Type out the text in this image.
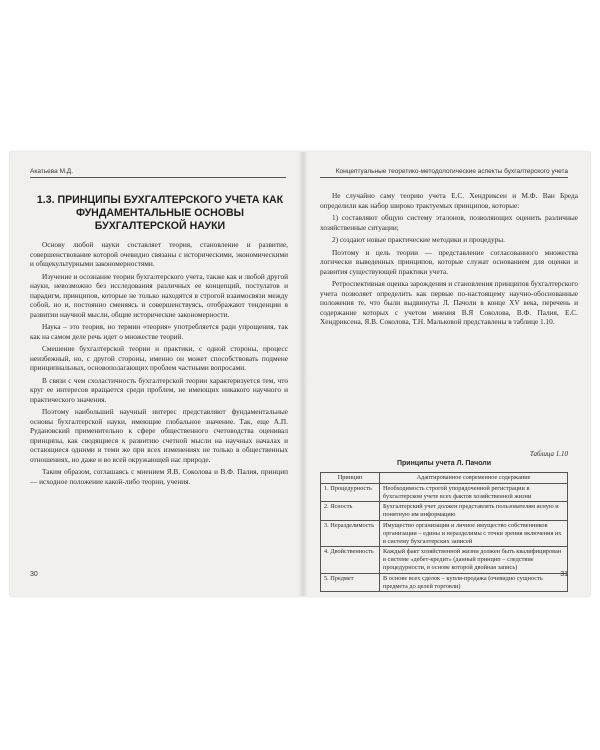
Акатьева М.Д.
1.3. ПРИНЦИПЫ БУХГАЛТЕРСКОГО УЧЕТА КАК ФУНДАМЕНТАЛЬНЫЕ ОСНОВЫ БУХГАЛТЕРСКОЙ НАУКИ

Основу любой науки составляет теория, становление и развитие, совершенствование которой очевидно связаны с историческими, экономическими и общекультурными закономерностями.

Изучение и осознание теории бухгалтерского учета, также как и любой другой науки, невозможно без исследования различных ее концепций, постулатов и парадигм, принципов, которые не только находятся в строгой взаимосвязи между собой, но и, постоянно сменяясь и совершенствуясь, отображают тенденции в развитии научной мысли, общие исторические закономерности.

Наука – это теория, но термин «теория» употребляется ради упрощения, так как на самом деле речь идет о множестве теорий.

Смешение бухгалтерской теории и практики, с одной стороны, процесс неизбежный, но, с другой стороны, именно он может способствовать подмене принципиальных, основополагающих проблем частными вопросами.

В связи с чем схоластичность бухгалтерской теории характеризуется тем, что круг ее интересов вращается среди проблем, не имеющих никакого научного и практического значения.

Поэтому наибольший научный интерес представляют фундаментальные основы бухгалтерской науки, имеющие глобальное значение. Так, еще А.П. Рудановский применительно к сфере общественного счетоводства оценивал принципы, как сводящиеся к развитию счетной мысли на научных началах и остающиеся одними и теми же при всех изменениях не только в общественных отношениях, но даже и во всей окружающей нас природе.

Таким образом, соглашаясь с мнением Я.В. Соколова и В.Ф. Палия, принцип — исходное положение какой-либо теории, учения.

30
Концептуальные теоретико-методологические аспекты бухгалтерского учета

Не случайно саму теорию учета Е.С. Хендриксен и М.Ф. Ван Бреда определили как набор широко трактуемых принципов, которые:

1) составляют общую систему эталонов, позволяющих оценить различные хозяйственные ситуации;

2) создают новые практические методики и процедуры.

Поэтому и цель теории — представление согласованного множества логически выведенных принципов, которые служат основанием для оценки и развития существующей практики учета.

Ретроспективная оценка зарождения и становления принципов бухгалтерского учета позволяет определить как первые по-настоящему научно-обоснованные положения те, что были выдвинуты Л. Пачоли в конце XV века, перечень и содержание которых с учетом мнения В.Я Соколова, В.Ф. Палия, Е.С. Хендриксена, Я.В. Соколова, Т.Н. Мальковой представлены в таблице 1.10.

Таблица 1.10
Принципы учета Л. Пачоли
Принцип	Адаптированное современное содержание
1. Процедурность	Необходимость строгой упорядоченной регистрации в бухгалтерском учете всех фактов хозяйственной жизни
2. Ясность	Бухгалтерский учет должен представлять пользователям ясную и понятную им информацию
3. Неразделимость	Имущество организации и личное имущество собственников организации – едины и неразделимы с точки зрения включения их в систему бухгалтерских записей
4. Двойственность	Каждый факт хозяйственной жизни должен быть квалифицирован в системе «дебет-кредит» (данный принцип – следствие процедурности, в основе которой двойная запись)
5. Предмет	В основе всех сделок – купля-продажа (очевидно сущность предмета до целей торговли)
31
